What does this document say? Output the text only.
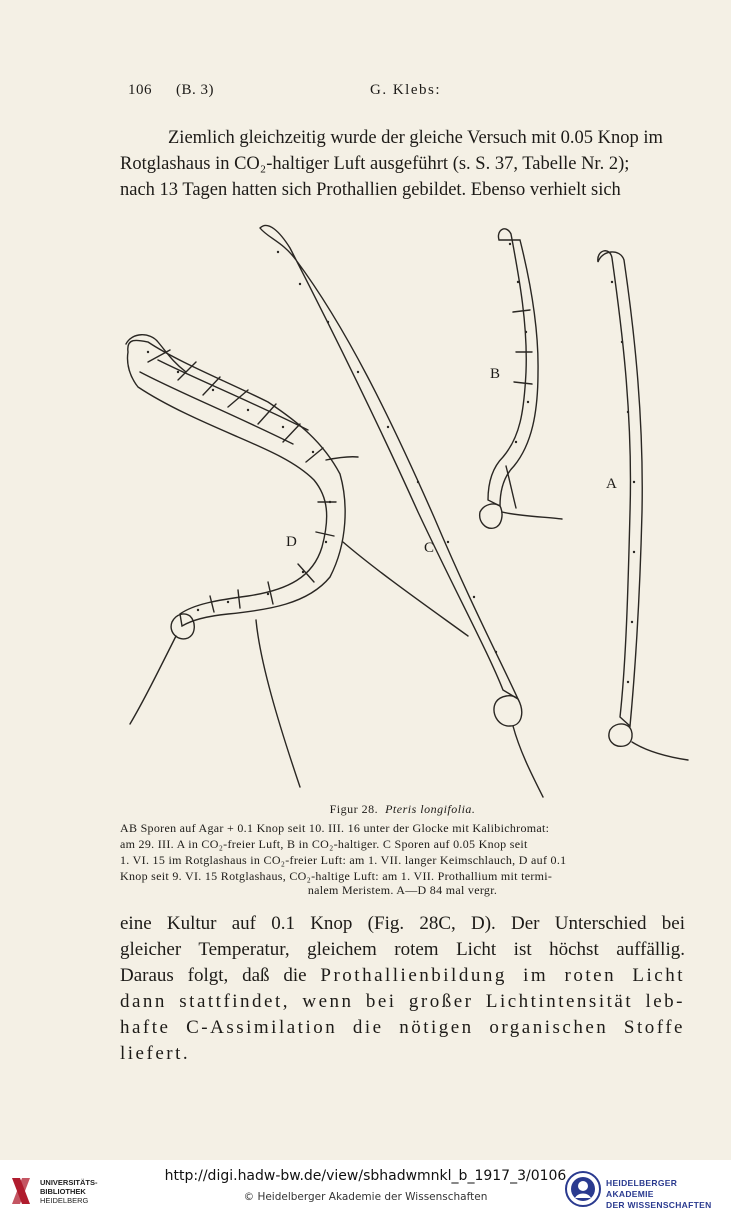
106 (B. 3)	G. Klebs:

Ziemlich gleichzeitig wurde der gleiche Versuch mit 0.05 Knop im

Rotglashaus in CO₂-haltiger Luft ausgeführt (s. S. 37, Tabelle Nr. 2);

nach 13 Tagen hatten sich Prothallien gebildet. Ebenso verhielt sich

A
B
C
D
Figur 28. Pteris longifolia.

AB Sporen auf Agar + 0.1 Knop seit 10. III. 16 unter der Glocke mit Kalibichromat:

am 29. III. A in CO₂-freier Luft, B in CO₂-haltiger. C Sporen auf 0.05 Knop seit

1. VI. 15 im Rotglashaus in CO₂-freier Luft: am 1. VII. langer Keimschlauch, D auf 0.1

Knop seit 9. VI. 15 Rotglashaus, CO₂-haltige Luft: am 1. VII. Prothallium mit termi-

nalem Meristem. A—D 84 mal vergr.
eine Kultur auf 0.1 Knop (Fig. 28C, D). Der Unterschied bei
gleicher Temperatur, gleichem rotem Licht ist höchst auffällig.
Daraus folgt, daß die Prothallienbildung im roten Licht
dann stattfindet, wenn bei großer Lichtintensität leb-
hafte C-Assimilation die nötigen organischen Stoffe
liefert.
UNIVERSITÄTS-
BIBLIOTHEK
HEIDELBERG
http://digi.hadw-bw.de/view/sbhadwmnkl_b_1917_3/0106
© Heidelberger Akademie der Wissenschaften
HEIDELBERGER AKADEMIE
DER WISSENSCHAFTEN
